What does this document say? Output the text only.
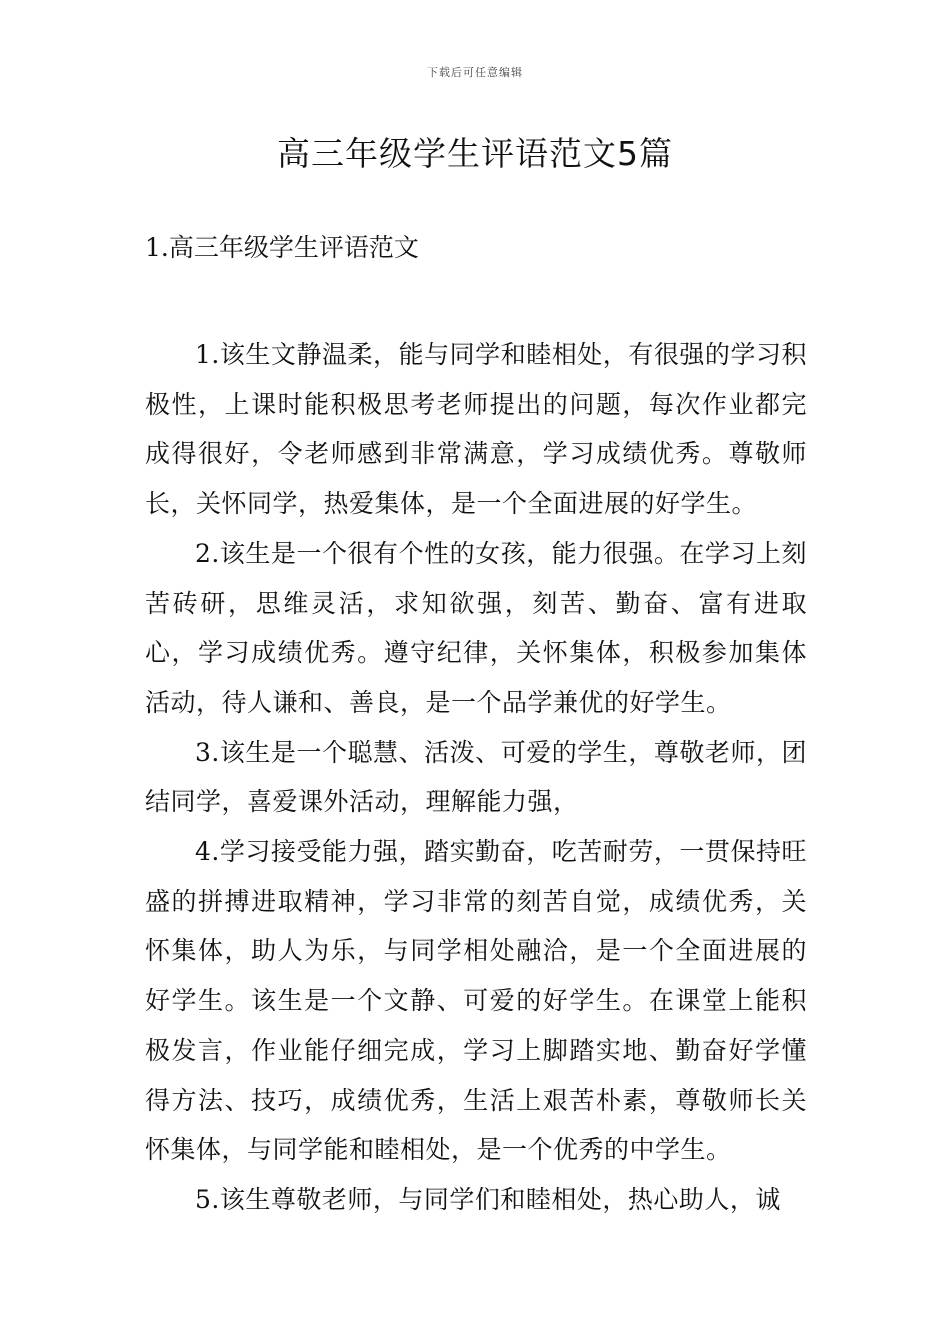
下载后可任意编辑
高三年级学生评语范文5篇
1.高三年级学生评语范文

1.该生文静温柔，能与同学和睦相处，有很强的学习积极性，上课时能积极思考老师提出的问题，每次作业都完成得很好，令老师感到非常满意，学习成绩优秀。尊敬师长，关怀同学，热爱集体，是一个全面进展的好学生。

2.该生是一个很有个性的女孩，能力很强。在学习上刻苦砖研，思维灵活，求知欲强，刻苦、勤奋、富有进取心，学习成绩优秀。遵守纪律，关怀集体，积极参加集体活动，待人谦和、善良，是一个品学兼优的好学生。

3.该生是一个聪慧、活泼、可爱的学生，尊敬老师，团结同学，喜爱课外活动，理解能力强，

4.学习接受能力强，踏实勤奋，吃苦耐劳，一贯保持旺盛的拼搏进取精神，学习非常的刻苦自觉，成绩优秀，关怀集体，助人为乐，与同学相处融洽，是一个全面进展的好学生。该生是一个文静、可爱的好学生。在课堂上能积极发言，作业能仔细完成，学习上脚踏实地、勤奋好学懂得方法、技巧，成绩优秀，生活上艰苦朴素，尊敬师长关怀集体，与同学能和睦相处，是一个优秀的中学生。

5.该生尊敬老师，与同学们和睦相处，热心助人，诚
